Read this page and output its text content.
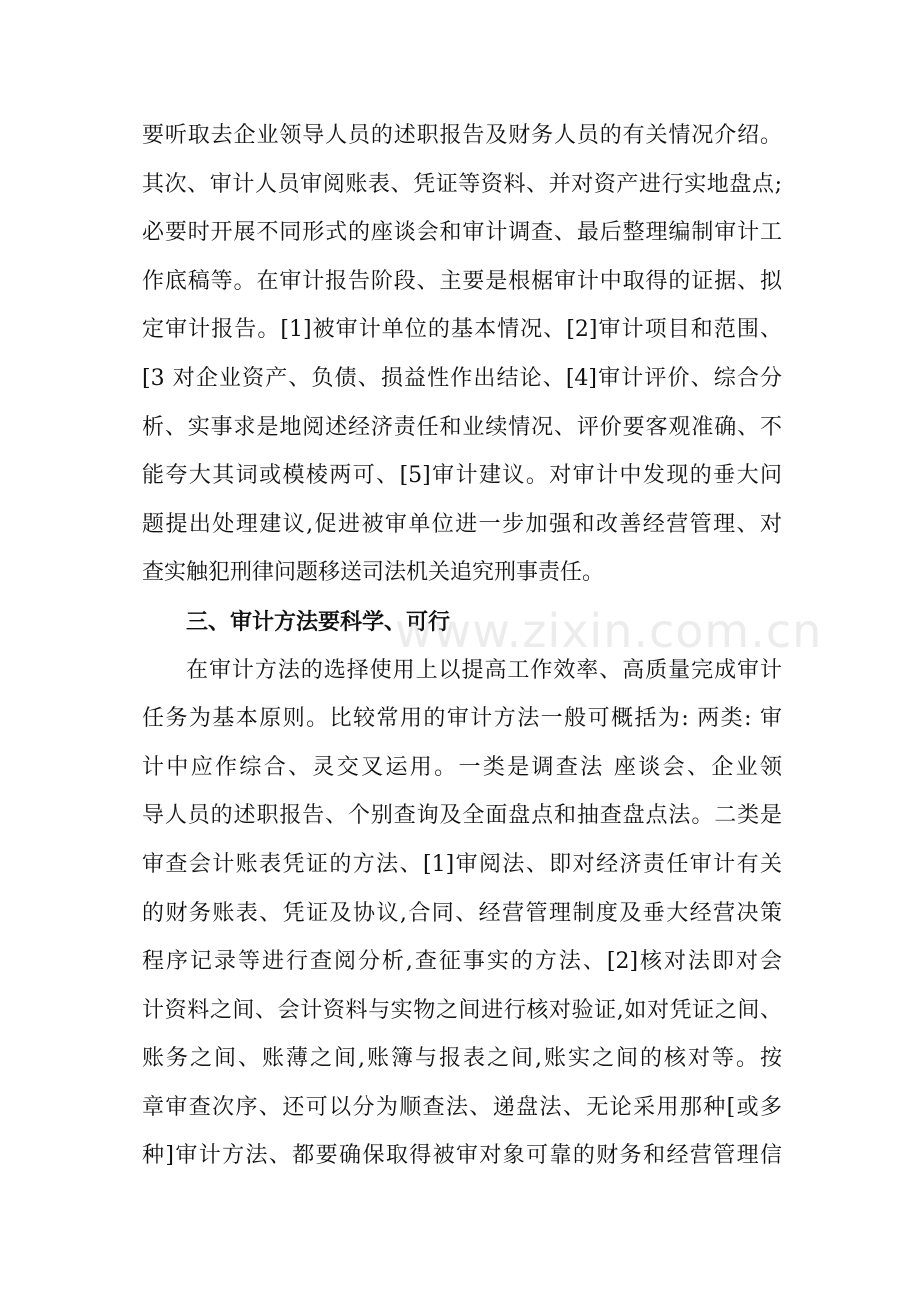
要听取去企业领导人员的述职报告及财务人员的有关情况介绍。
其次、审计人员审阅账表、凭证等资料、并对资产进行实地盘点;
必要时开展不同形式的座谈会和审计调查、最后整理编制审计工
作底稿等。在审计报告阶段、主要是根椐审计中取得的证据、拟
定审计报告。[1]被审计单位的基本情况、[2]审计项目和范围、
[3 对企业资产、负债、损益性作出结论、[4]审计评价、综合分
析、实事求是地阅述经济责任和业续情况、评价要客观准确、不
能夸大其词或模棱两可、[5]审计建议。对审计中发现的垂大问
题提出处理建议,促进被审单位进一步加强和改善经营管理、对
查实触犯刑律问题移送司法机关追究刑事责任。
三、审计方法要科学、可行
在审计方法的选择使用上以提高工作效率、高质量完成审计
任务为基本原则。比较常用的审计方法一般可概括为: 两类: 审
计中应作综合、灵交叉运用。一类是调查法 座谈会、企业领
导人员的述职报告、个别查询及全面盘点和抽查盘点法。二类是
审查会计账表凭证的方法、[1]审阅法、即对经济责任审计有关
的财务账表、凭证及协议,合同、经营管理制度及垂大经营决策
程序记录等进行查阅分析,查征事实的方法、[2]核对法即对会
计资料之间、会计资料与实物之间进行核对验证,如对凭证之间、
账务之间、账薄之间,账簿与报表之间,账实之间的核对等。按
章审查次序、还可以分为顺查法、递盘法、无论采用那种[或多
种]审计方法、都要确保取得被审对象可靠的财务和经营管理信
www.zixin.com.cn
